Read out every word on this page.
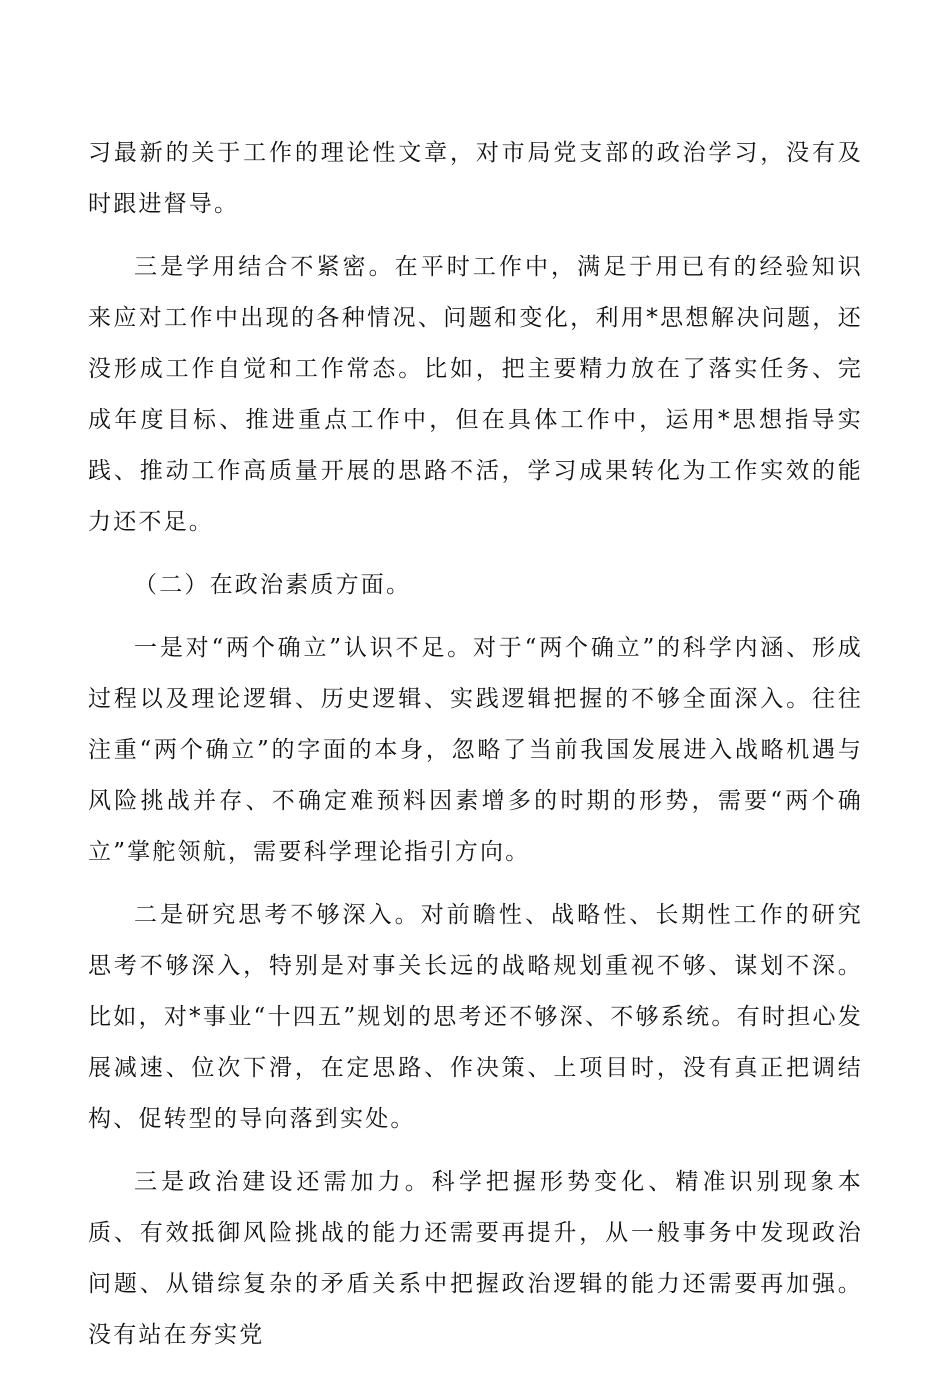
习最新的关于工作的理论性文章，对市局党支部的政治学习，没有及时跟进督导。

三是学用结合不紧密。在平时工作中，满足于用已有的经验知识来应对工作中出现的各种情况、问题和变化，利用*思想解决问题，还没形成工作自觉和工作常态。比如，把主要精力放在了落实任务、完成年度目标、推进重点工作中，但在具体工作中，运用*思想指导实践、推动工作高质量开展的思路不活，学习成果转化为工作实效的能力还不足。

（二）在政治素质方面。

一是对“两个确立”认识不足。对于“两个确立”的科学内涵、形成过程以及理论逻辑、历史逻辑、实践逻辑把握的不够全面深入。往往注重“两个确立”的字面的本身，忽略了当前我国发展进入战略机遇与风险挑战并存、不确定难预料因素增多的时期的形势，需要“两个确立”掌舵领航，需要科学理论指引方向。

二是研究思考不够深入。对前瞻性、战略性、长期性工作的研究思考不够深入，特别是对事关长远的战略规划重视不够、谋划不深。比如，对*事业“十四五”规划的思考还不够深、不够系统。有时担心发展减速、位次下滑，在定思路、作决策、上项目时，没有真正把调结构、促转型的导向落到实处。

三是政治建设还需加力。科学把握形势变化、精准识别现象本质、有效抵御风险挑战的能力还需要再提升，从一般事务中发现政治问题、从错综复杂的矛盾关系中把握政治逻辑的能力还需要再加强。没有站在夯实党
